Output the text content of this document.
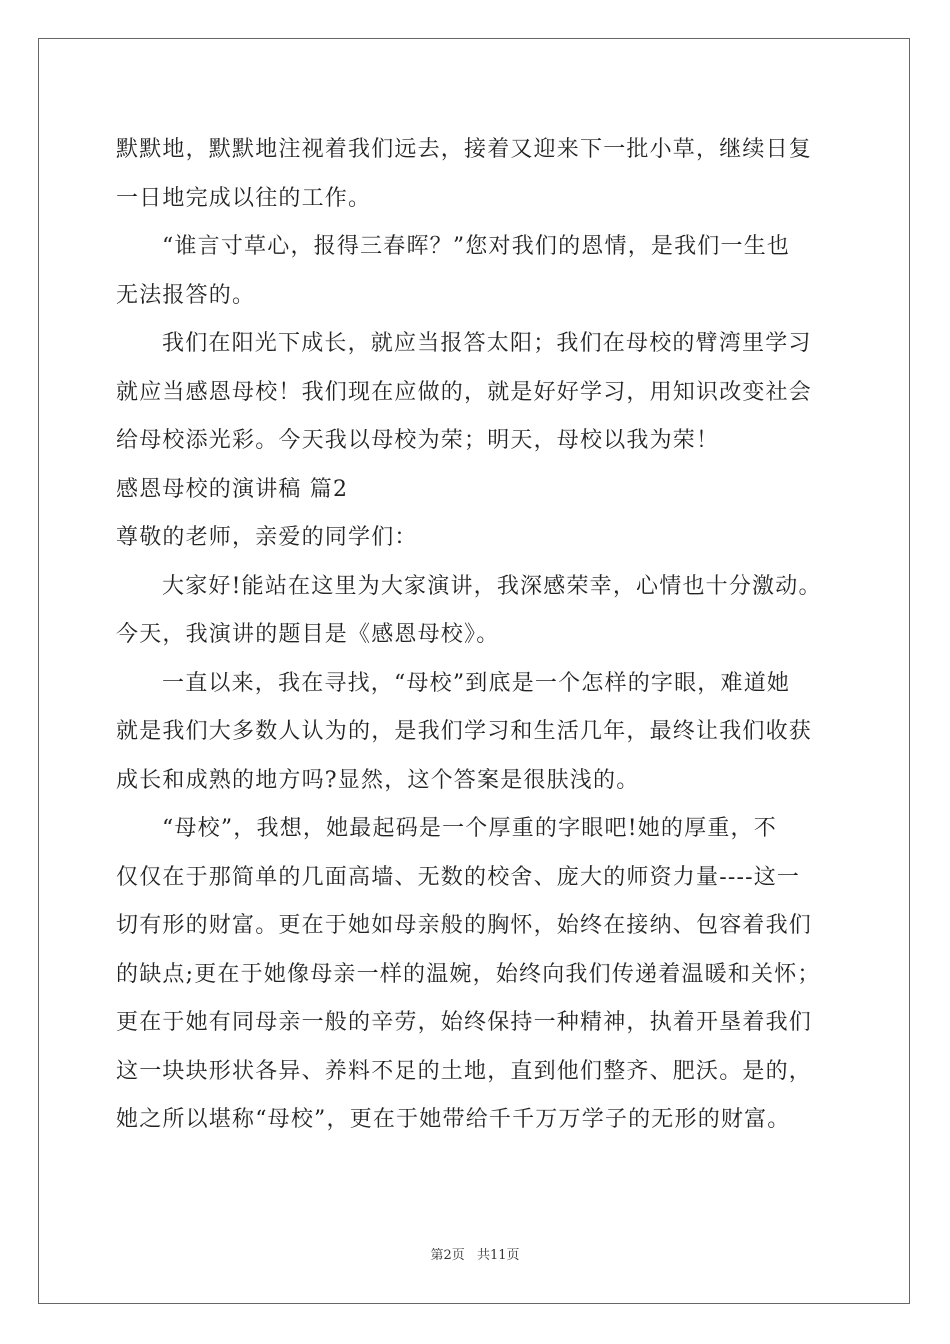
默默地，默默地注视着我们远去，接着又迎来下一批小草，继续日复
一日地完成以往的工作。
“谁言寸草心，报得三春晖？”您对我们的恩情，是我们一生也
无法报答的。
我们在阳光下成长，就应当报答太阳；我们在母校的臂湾里学习
就应当感恩母校！我们现在应做的，就是好好学习，用知识改变社会
给母校添光彩。今天我以母校为荣；明天，母校以我为荣！
感恩母校的演讲稿 篇2
尊敬的老师，亲爱的同学们：
大家好!能站在这里为大家演讲，我深感荣幸，心情也十分激动。
今天，我演讲的题目是《感恩母校》。
一直以来，我在寻找，“母校”到底是一个怎样的字眼，难道她
就是我们大多数人认为的，是我们学习和生活几年，最终让我们收获
成长和成熟的地方吗?显然，这个答案是很肤浅的。
“母校”，我想，她最起码是一个厚重的字眼吧!她的厚重，不
仅仅在于那简单的几面高墙、无数的校舍、庞大的师资力量----这一
切有形的财富。更在于她如母亲般的胸怀，始终在接纳、包容着我们
的缺点;更在于她像母亲一样的温婉，始终向我们传递着温暖和关怀；
更在于她有同母亲一般的辛劳，始终保持一种精神，执着开垦着我们
这一块块形状各异、养料不足的土地，直到他们整齐、肥沃。是的，
她之所以堪称“母校”，更在于她带给千千万万学子的无形的财富。
第2页 共11页
